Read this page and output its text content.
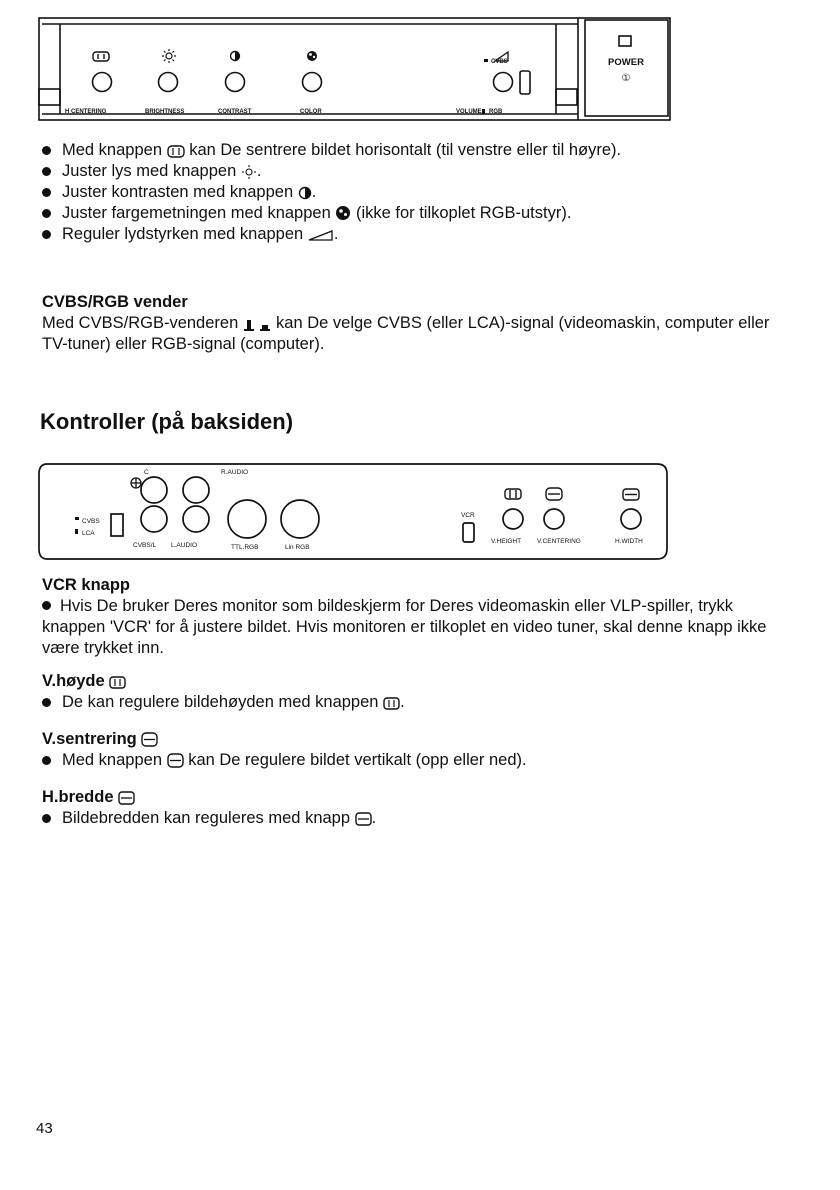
H CENTERING	BRIGHTNESS	CONTRAST	COLOR	VOLUME RGB
CVBS	POWER
①
Med knappen kan De sentrere bildet horisontalt (til venstre eller til høyre).
Juster lys med knappen .
Juster kontrasten med knappen .
Juster fargemetningen med knappen (ikke for tilkoplet RGB-utstyr).
Reguler lydstyrken med knappen .
CVBS/RGB vender
Med CVBS/RGB-venderen kan De velge CVBS (eller LCA)-signal (videomaskin, computer eller TV-tuner) eller RGB-signal (computer).
Kontroller (på baksiden)
C	R.AUDIO
CVBS
LCA
CVBS/L L.AUDIO	TTL.RGB	Lin RGB
VCR
V.HEIGHT V.CENTERING	H.WIDTH
VCR knapp
Hvis De bruker Deres monitor som bildeskjerm for Deres videomaskin eller VLP-spiller, trykk knappen 'VCR' for å justere bildet. Hvis monitoren er tilkoplet en video tuner, skal denne knapp ikke være trykket inn.
V.høyde
De kan regulere bildehøyden med knappen .
V.sentrering
Med knappen kan De regulere bildet vertikalt (opp eller ned).
H.bredde
Bildebredden kan reguleres med knapp .
43
